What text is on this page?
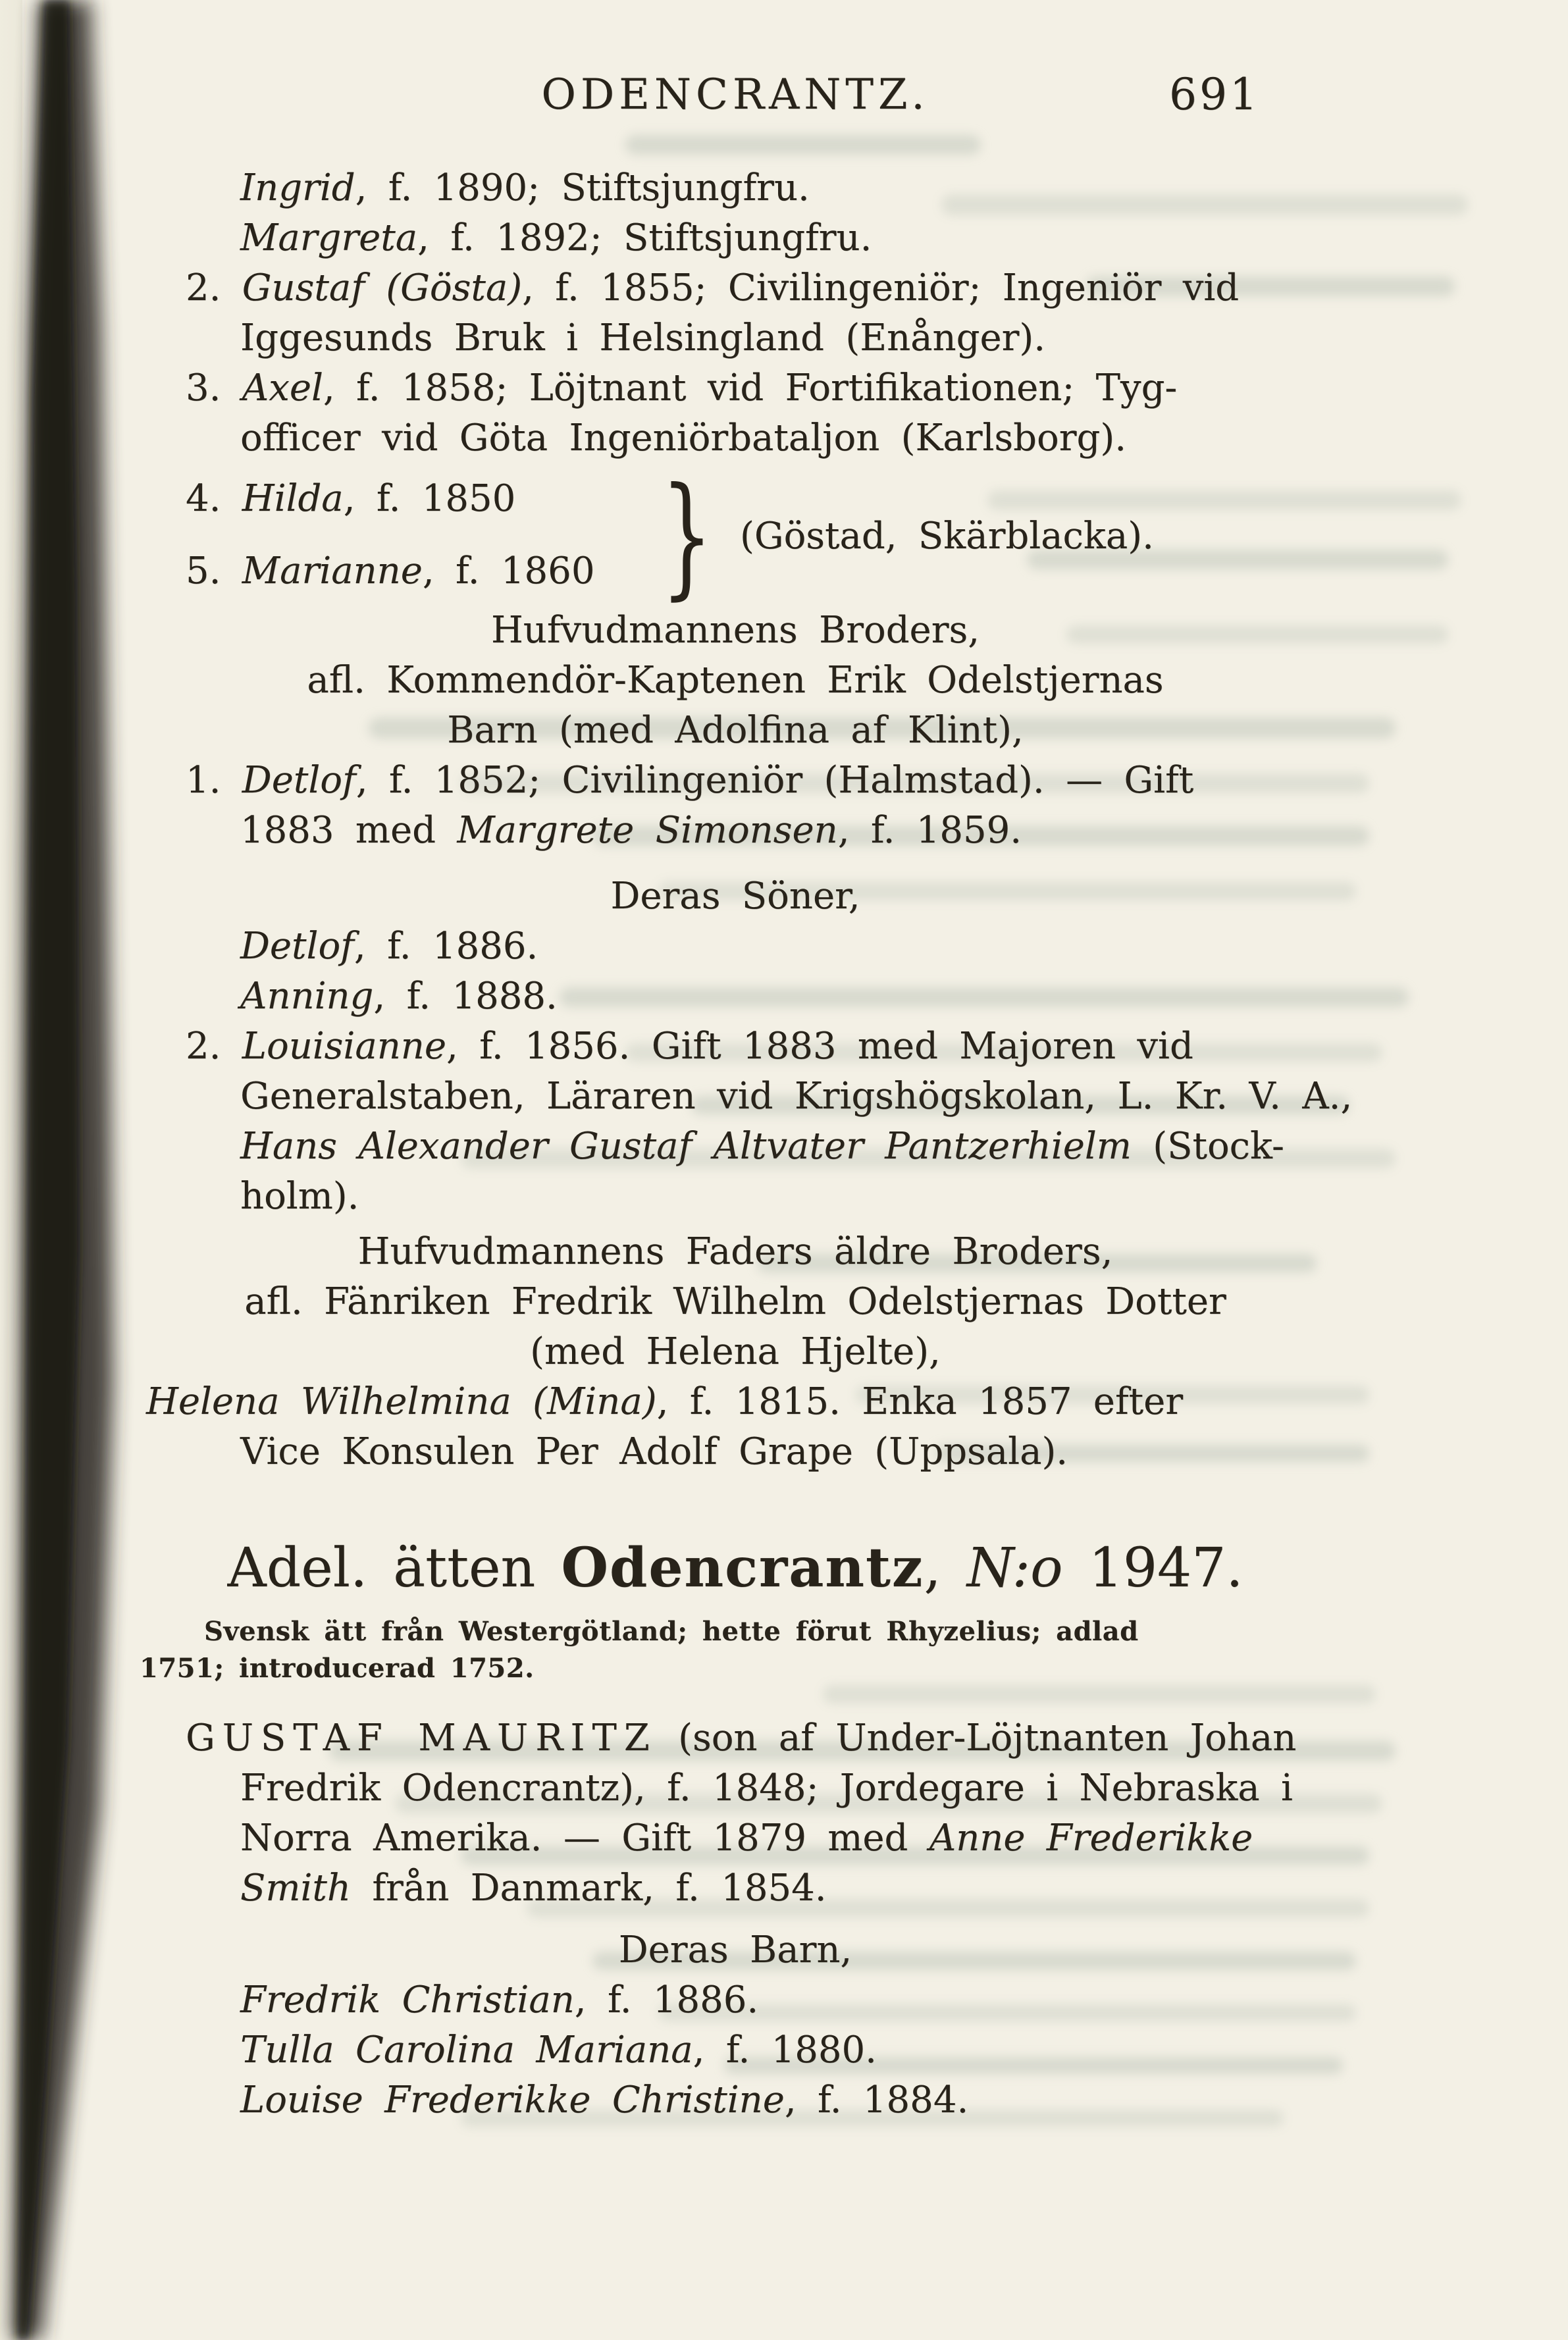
ODENCRANTZ.	691
Ingrid, f. 1890; Stiftsjungfru.
Margreta, f. 1892; Stiftsjungfru.
2. Gustaf (Gösta), f. 1855; Civilingeniör; Ingeniör vid
Iggesunds Bruk i Helsingland (Enånger).
3. Axel, f. 1858; Löjtnant vid Fortifikationen; Tyg-
officer vid Göta Ingeniörbataljon (Karlsborg).
4. Hilda, f. 1850
5. Marianne, f. 1860 } (Göstad, Skärblacka).
Hufvudmannens Broders,
afl. Kommendör-Kaptenen Erik Odelstjernas
Barn (med Adolfina af Klint),
1. Detlof, f. 1852; Civilingeniör (Halmstad). — Gift
1883 med Margrete Simonsen, f. 1859.
Deras Söner,
Detlof, f. 1886.
Anning, f. 1888.
2. Louisianne, f. 1856. Gift 1883 med Majoren vid
Generalstaben, Läraren vid Krigshögskolan, L. Kr. V. A.,
Hans Alexander Gustaf Altvater Pantzerhielm (Stock-
holm).
Hufvudmannens Faders äldre Broders,
afl. Fänriken Fredrik Wilhelm Odelstjernas Dotter
(med Helena Hjelte),
Helena Wilhelmina (Mina), f. 1815. Enka 1857 efter
Vice Konsulen Per Adolf Grape (Uppsala).
Adel. ätten Odencrantz, N:o 1947.
Svensk ätt från Westergötland; hette förut Rhyzelius; adlad
1751; introducerad 1752.
GUSTAF MAURITZ (son af Under-Löjtnanten Johan
Fredrik Odencrantz), f. 1848; Jordegare i Nebraska i
Norra Amerika. — Gift 1879 med Anne Frederikke
Smith från Danmark, f. 1854.
Deras Barn,
Fredrik Christian, f. 1886.
Tulla Carolina Mariana, f. 1880.
Louise Frederikke Christine, f. 1884.
